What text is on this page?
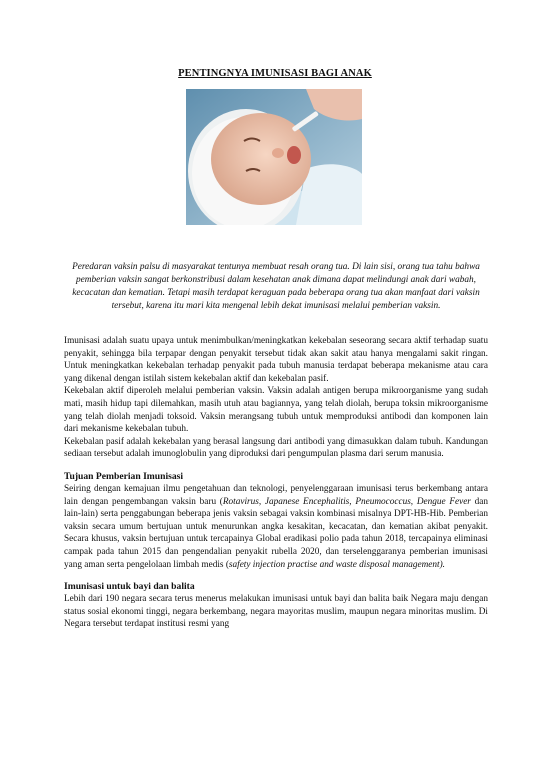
PENTINGNYA IMUNISASI BAGI ANAK

Peredaran vaksin palsu di masyarakat tentunya membuat resah orang tua. Di lain sisi, orang tua tahu bahwa pemberian vaksin sangat berkonstribusi dalam kesehatan anak dimana dapat melindungi anak dari wabah, kecacatan dan kematian. Tetapi masih terdapat keraguan pada beberapa orang tua akan manfaat dari vaksin tersebut, karena itu mari kita mengenal lebih dekat imunisasi melalui pemberian vaksin.

Imunisasi adalah suatu upaya untuk menimbulkan/meningkatkan kekebalan seseorang secara aktif terhadap suatu penyakit, sehingga bila terpapar dengan penyakit tersebut tidak akan sakit atau hanya mengalami sakit ringan. Untuk meningkatkan kekebalan terhadap penyakit pada tubuh manusia terdapat beberapa mekanisme atau cara yang dikenal dengan istilah sistem kekebalan aktif dan kekebalan pasif.

Kekebalan aktif diperoleh melalui pemberian vaksin. Vaksin adalah antigen berupa mikroorganisme yang sudah mati, masih hidup tapi dilemahkan, masih utuh atau bagiannya, yang telah diolah, berupa toksin mikroorganisme yang telah diolah menjadi toksoid. Vaksin merangsang tubuh untuk memproduksi antibodi dan komponen lain dari mekanisme kekebalan tubuh.

Kekebalan pasif adalah kekebalan yang berasal langsung dari antibodi yang dimasukkan dalam tubuh. Kandungan sediaan tersebut adalah imunoglobulin yang diproduksi dari pengumpulan plasma dari serum manusia.

Tujuan Pemberian Imunisasi

Seiring dengan kemajuan ilmu pengetahuan dan teknologi, penyelenggaraan imunisasi terus berkembang antara lain dengan pengembangan vaksin baru (Rotavirus, Japanese Encephalitis, Pneumococcus, Dengue Fever dan lain-lain) serta penggabungan beberapa jenis vaksin sebagai vaksin kombinasi misalnya DPT-HB-Hib. Pemberian vaksin secara umum bertujuan untuk menurunkan angka kesakitan, kecacatan, dan kematian akibat penyakit. Secara khusus, vaksin bertujuan untuk tercapainya Global eradikasi polio pada tahun 2018, tercapainya eliminasi campak pada tahun 2015 dan pengendalian penyakit rubella 2020, dan terselenggaranya pemberian imunisasi yang aman serta pengelolaan limbah medis (safety injection practise and waste disposal management).

Imunisasi untuk bayi dan balita

Lebih dari 190 negara secara terus menerus melakukan imunisasi untuk bayi dan balita baik Negara maju dengan status sosial ekonomi tinggi, negara berkembang, negara mayoritas muslim, maupun negara minoritas muslim. Di Negara tersebut terdapat institusi resmi yang
